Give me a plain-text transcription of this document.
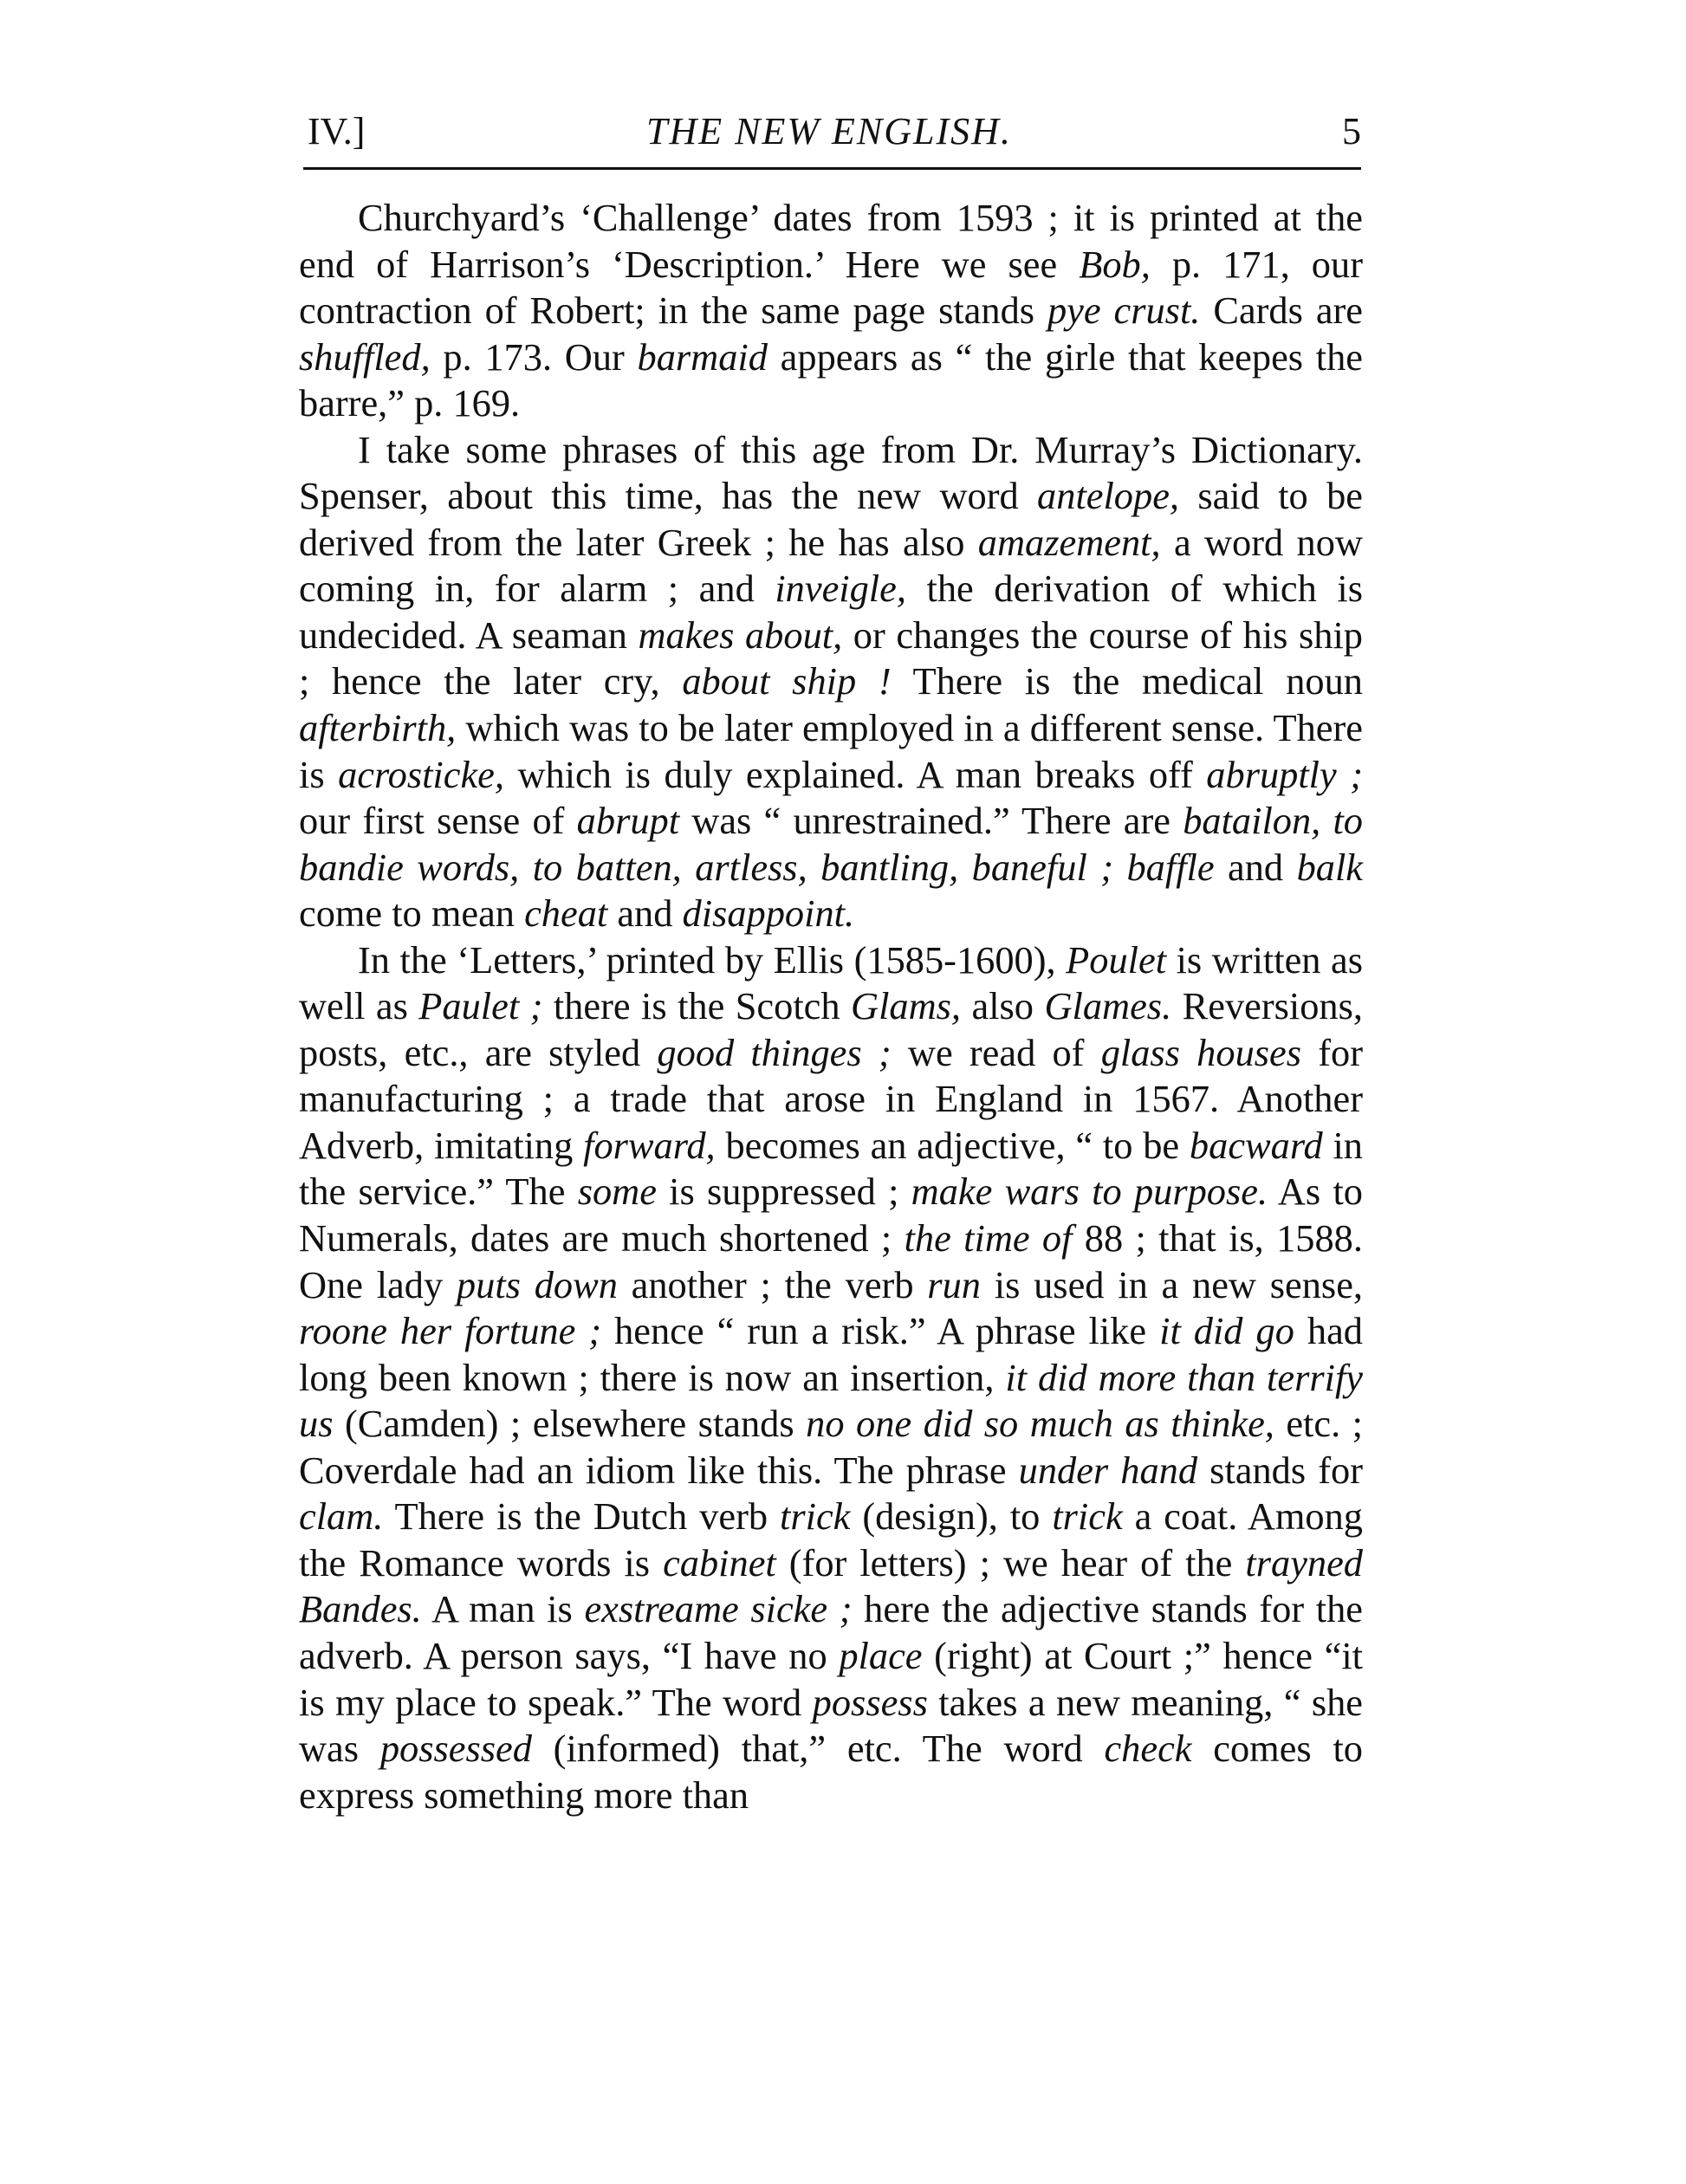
IV.]	THE NEW ENGLISH.	5

Churchyard’s ‘Challenge’ dates from 1593 ; it is printed at the end of Harrison’s ‘Description.’ Here we see Bob, p. 171, our contraction of Robert; in the same page stands pye crust. Cards are shuffled, p. 173. Our barmaid appears as “ the girle that keepes the barre,” p. 169.

I take some phrases of this age from Dr. Murray’s Dictionary. Spenser, about this time, has the new word antelope, said to be derived from the later Greek ; he has also amazement, a word now coming in, for alarm ; and inveigle, the derivation of which is undecided. A seaman makes about, or changes the course of his ship ; hence the later cry, about ship ! There is the medical noun afterbirth, which was to be later employed in a different sense. There is acrosticke, which is duly explained. A man breaks off abruptly ; our first sense of abrupt was “ unrestrained.” There are batailon, to bandie words, to batten, artless, bantling, baneful ; baffle and balk come to mean cheat and disappoint.

In the ‘Letters,’ printed by Ellis (1585-1600), Poulet is written as well as Paulet ; there is the Scotch Glams, also Glames. Reversions, posts, etc., are styled good thinges ; we read of glass houses for manufacturing ; a trade that arose in England in 1567. Another Adverb, imitating forward, becomes an adjective, “ to be bacward in the service.” The some is suppressed ; make wars to purpose. As to Numerals, dates are much shortened ; the time of 88 ; that is, 1588. One lady puts down another ; the verb run is used in a new sense, roone her fortune ; hence “ run a risk.” A phrase like it did go had long been known ; there is now an insertion, it did more than terrify us (Camden) ; elsewhere stands no one did so much as thinke, etc. ; Coverdale had an idiom like this. The phrase under hand stands for clam. There is the Dutch verb trick (design), to trick a coat. Among the Romance words is cabinet (for letters) ; we hear of the trayned Bandes. A man is exstreame sicke ; here the adjective stands for the adverb. A person says, “I have no place (right) at Court ;” hence “it is my place to speak.” The word possess takes a new meaning, “ she was possessed (informed) that,” etc. The word check comes to express something more than
